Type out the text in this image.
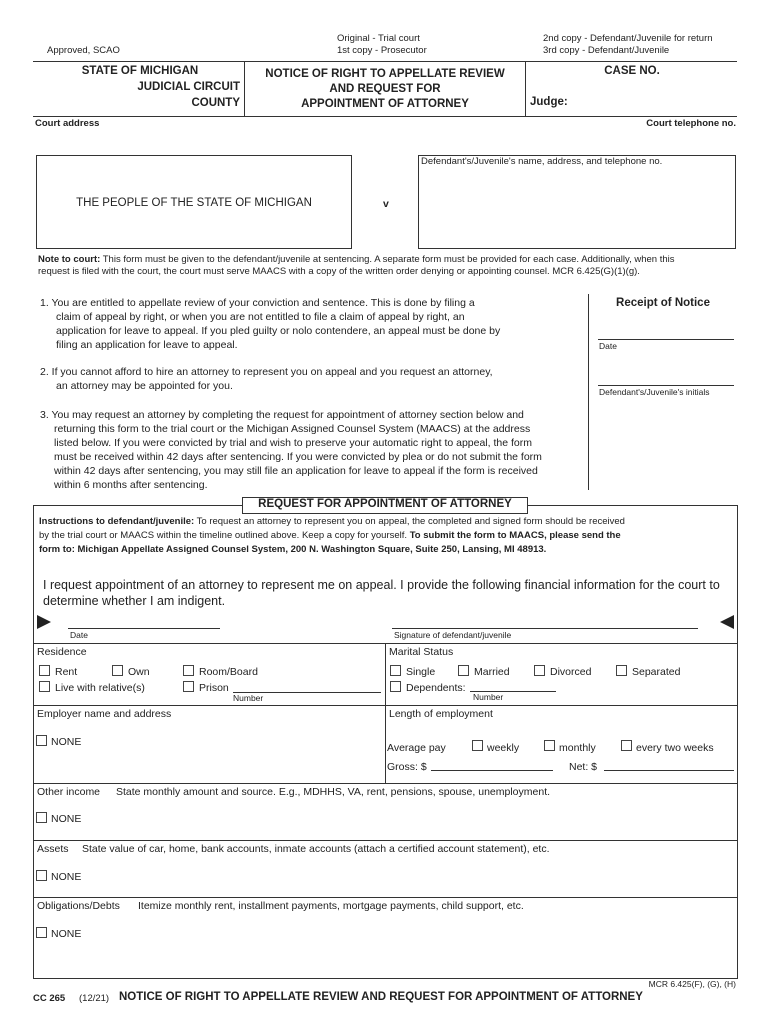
Approved, SCAO
Original - Trial court
1st copy - Prosecutor
2nd copy - Defendant/Juvenile for return
3rd copy - Defendant/Juvenile
STATE OF MICHIGAN
JUDICIAL CIRCUIT
COUNTY
NOTICE OF RIGHT TO APPELLATE REVIEW
AND REQUEST FOR
APPOINTMENT OF ATTORNEY
CASE NO.
Judge:
Court address	Court telephone no.
THE PEOPLE OF THE STATE OF MICHIGAN	v
Defendant's/Juvenile's name, address, and telephone no.
Note to court: This form must be given to the defendant/juvenile at sentencing. A separate form must be provided for each case. Additionally, when this
request is filed with the court, the court must serve MAACS with a copy of the written order denying or appointing counsel. MCR 6.425(G)(1)(g).
1. You are entitled to appellate review of your conviction and sentence. This is done by filing a
claim of appeal by right, or when you are not entitled to file a claim of appeal by right, an
application for leave to appeal. If you pled guilty or nolo contendere, an appeal must be done by
filing an application for leave to appeal.
2. If you cannot afford to hire an attorney to represent you on appeal and you request an attorney,
an attorney may be appointed for you.
3. You may request an attorney by completing the request for appointment of attorney section below and
returning this form to the trial court or the Michigan Assigned Counsel System (MAACS) at the address
listed below. If you were convicted by trial and wish to preserve your automatic right to appeal, the form
must be received within 42 days after sentencing. If you were convicted by plea or do not submit the form
within 42 days after sentencing, you may still file an application for leave to appeal if the form is received
within 6 months after sentencing.
Receipt of Notice
Date
Defendant's/Juvenile's initials
REQUEST FOR APPOINTMENT OF ATTORNEY
Instructions to defendant/juvenile: To request an attorney to represent you on appeal, the completed and signed form should be received
by the trial court or MAACS within the timeline outlined above. Keep a copy for yourself. To submit the form to MAACS, please send the
form to: Michigan Appellate Assigned Counsel System, 200 N. Washington Square, Suite 250, Lansing, MI 48913.
I request appointment of an attorney to represent me on appeal. I provide the following financial information for the court to
determine whether I am indigent.
Date	Signature of defendant/juvenile
Residence
Rent	Own	Room/Board
Live with relative(s)	Prison
Number
Marital Status
Single	Married	Divorced	Separated
Dependents:
Number
Employer name and address	Length of employment
NONE	Average pay	weekly	monthly	every two weeks
Gross: $	Net: $
Other income State monthly amount and source. E.g., MDHHS, VA, rent, pensions, spouse, unemployment.
NONE
Assets State value of car, home, bank accounts, inmate accounts (attach a certified account statement), etc.
NONE
Obligations/Debts Itemize monthly rent, installment payments, mortgage payments, child support, etc.
NONE
MCR 6.425(F), (G), (H)
CC 265 (12/21) NOTICE OF RIGHT TO APPELLATE REVIEW AND REQUEST FOR APPOINTMENT OF ATTORNEY
